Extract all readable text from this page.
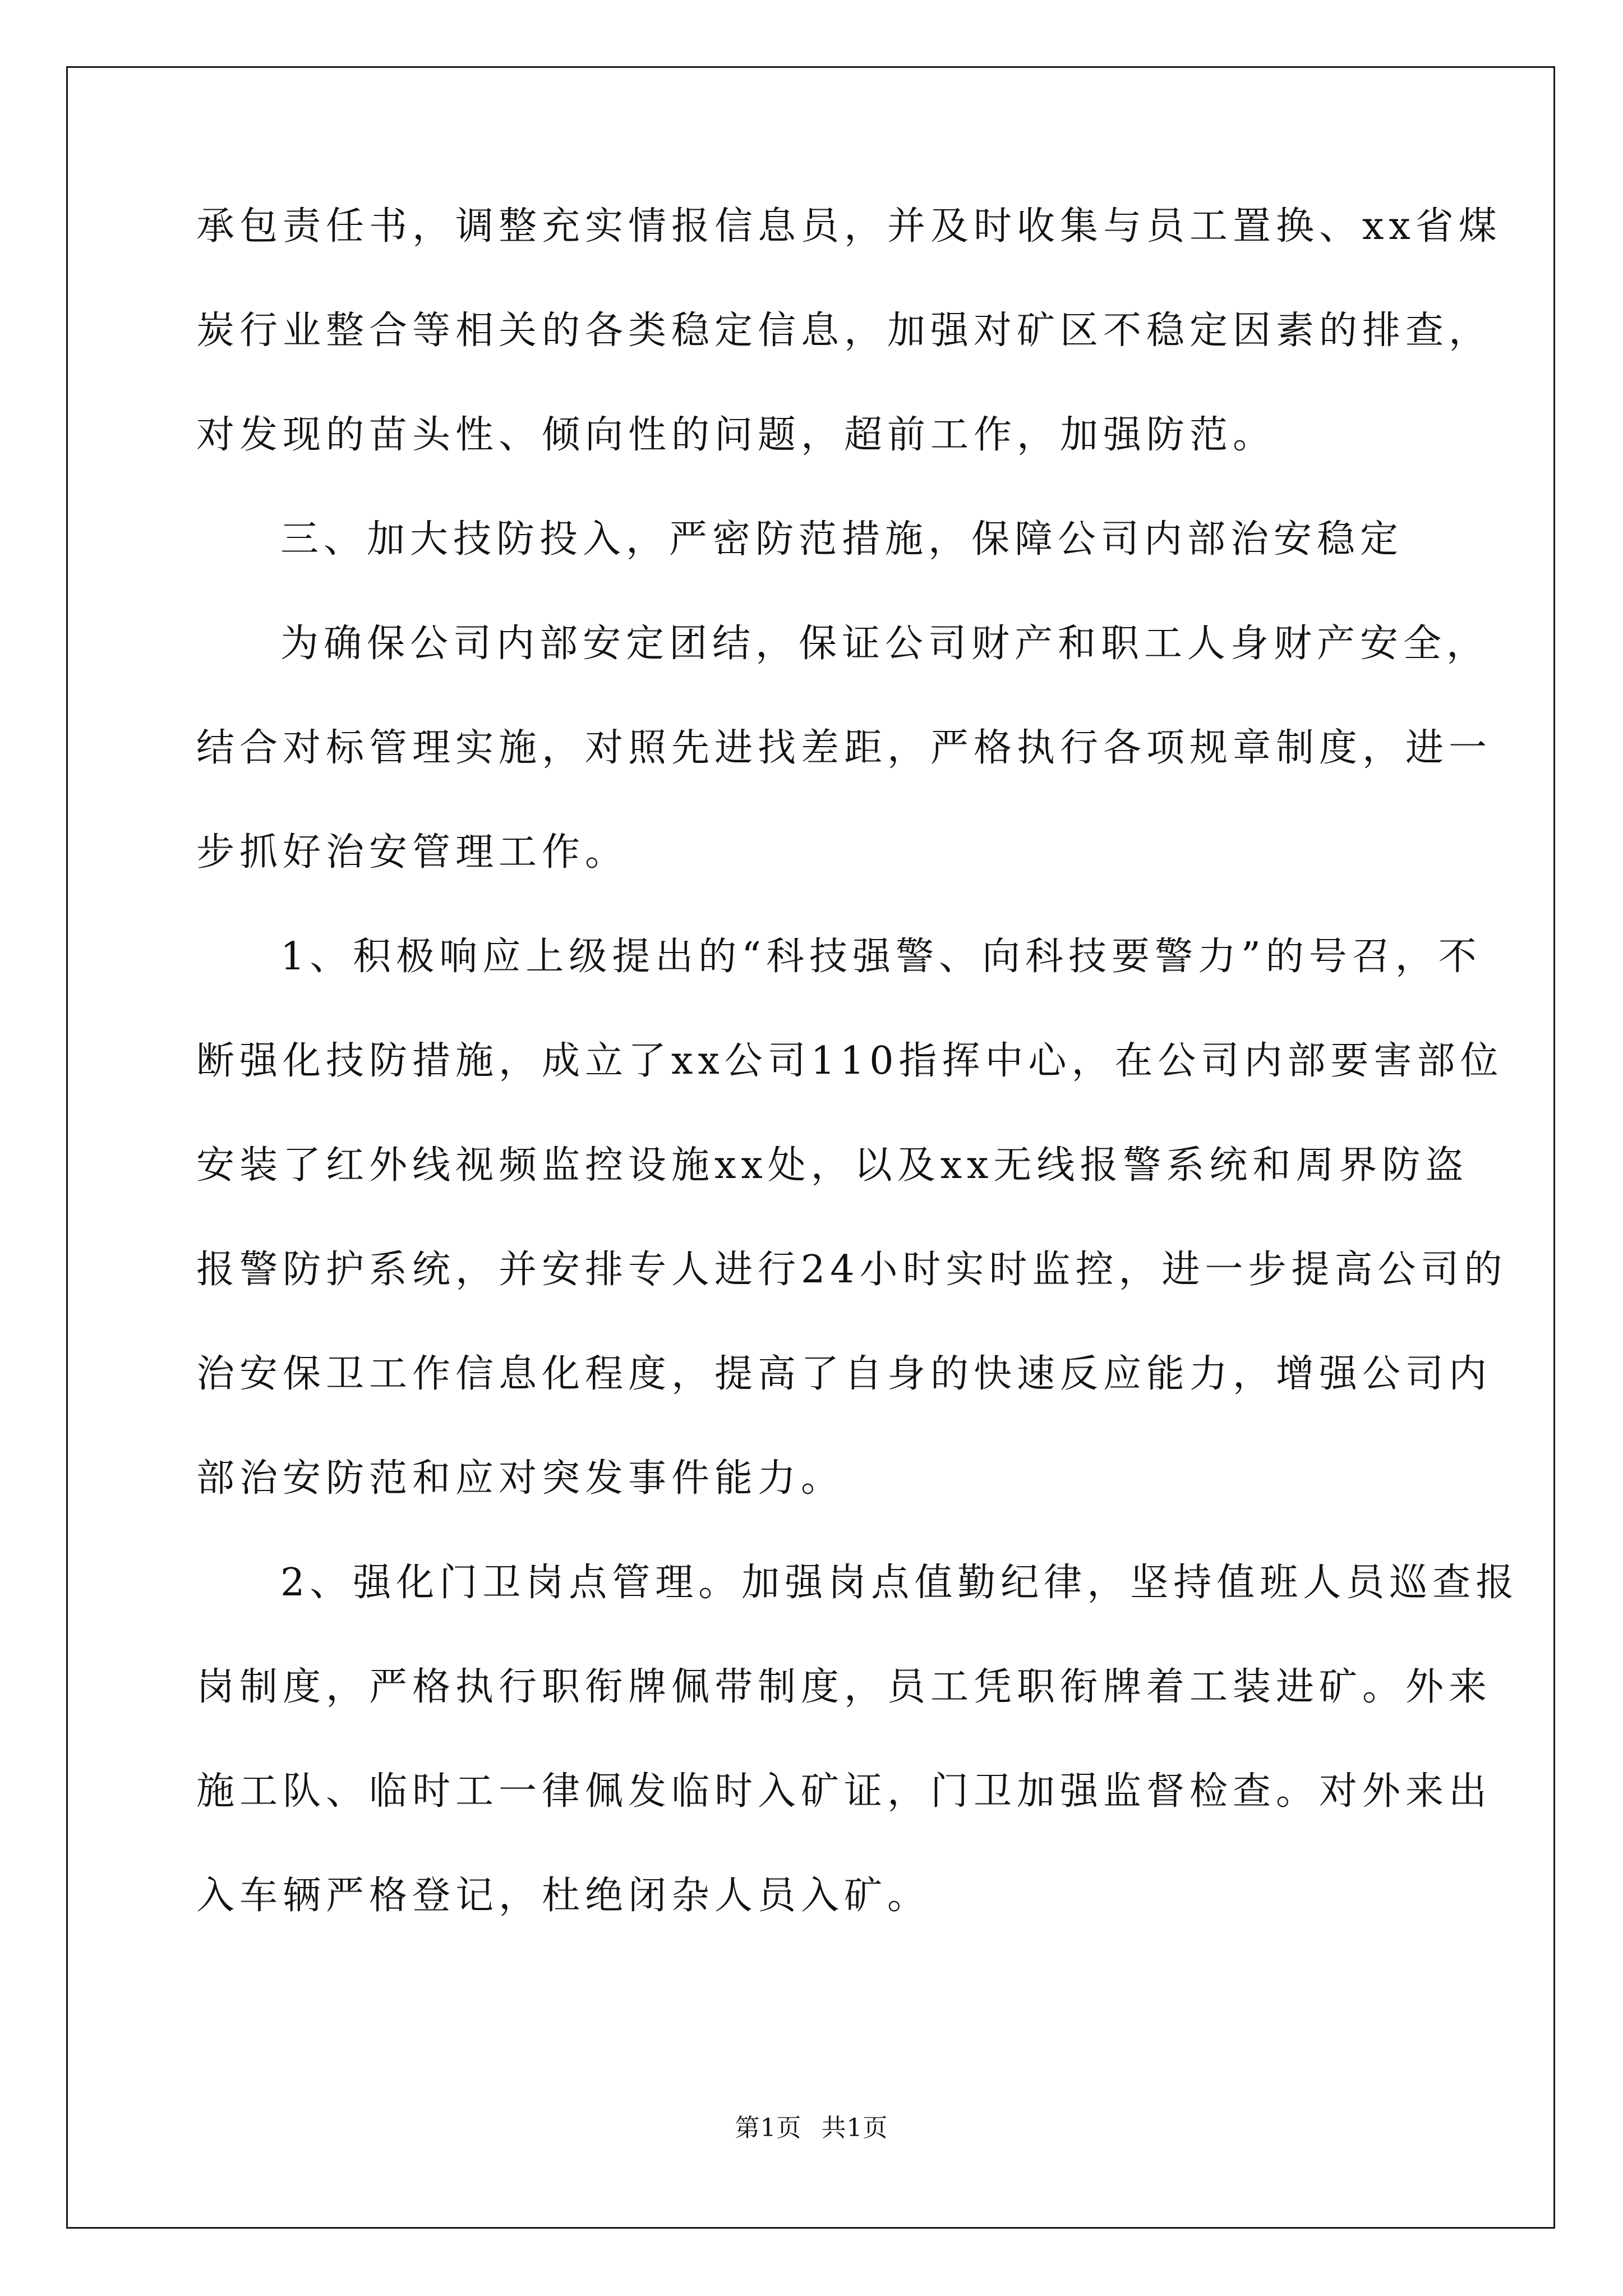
承包责任书，调整充实情报信息员，并及时收集与员工置换、xx省煤
炭行业整合等相关的各类稳定信息，加强对矿区不稳定因素的排查，
对发现的苗头性、倾向性的问题，超前工作，加强防范。
三、加大技防投入，严密防范措施，保障公司内部治安稳定
为确保公司内部安定团结，保证公司财产和职工人身财产安全，
结合对标管理实施，对照先进找差距，严格执行各项规章制度，进一
步抓好治安管理工作。
1、积极响应上级提出的“科技强警、向科技要警力”的号召，不
断强化技防措施，成立了xx公司110指挥中心，在公司内部要害部位
安装了红外线视频监控设施xx处，以及xx无线报警系统和周界防盗
报警防护系统，并安排专人进行24小时实时监控，进一步提高公司的
治安保卫工作信息化程度，提高了自身的快速反应能力，增强公司内
部治安防范和应对突发事件能力。
2、强化门卫岗点管理。加强岗点值勤纪律，坚持值班人员巡查报
岗制度，严格执行职衔牌佩带制度，员工凭职衔牌着工装进矿。外来
施工队、临时工一律佩发临时入矿证，门卫加强监督检查。对外来出
入车辆严格登记，杜绝闭杂人员入矿。
第1页 共1页
